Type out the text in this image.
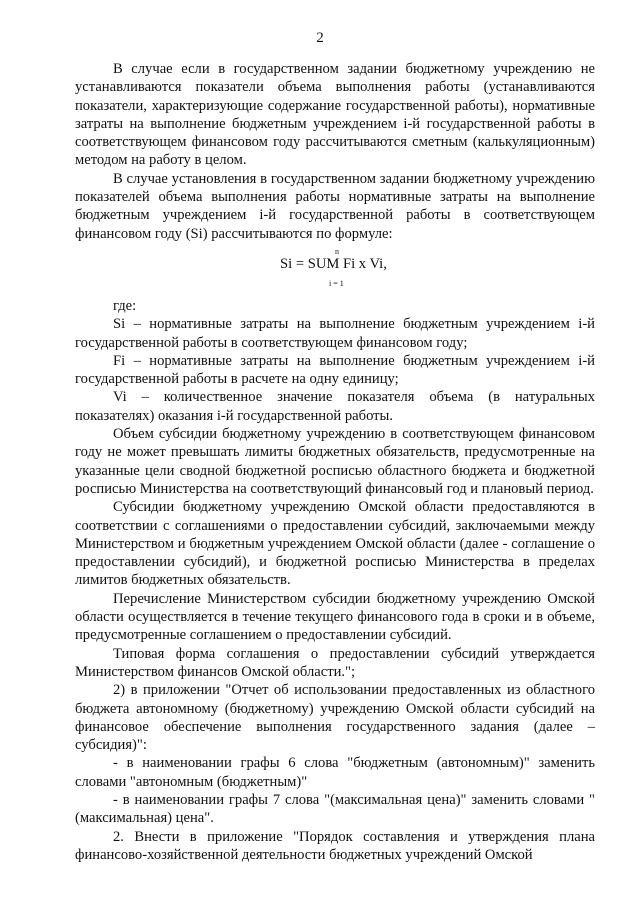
2

В случае если в государственном задании бюджетному учреждению не устанавливаются показатели объема выполнения работы (устанавливаются показатели, характеризующие содержание государственной работы), нормативные затраты на выполнение бюджетным учреждением i-й государственной работы в соответствующем финансовом году рассчитываются сметным (калькуляционным) методом на работу в целом.

В случае установления в государственном задании бюджетному учреждению показателей объема выполнения работы нормативные затраты на выполнение бюджетным учреждением i-й государственной работы в соответствующем финансовом году (Si) рассчитываются по формуле:

n
Si = SUM Fi x Vi,
i = 1

где:

Si – нормативные затраты на выполнение бюджетным учреждением i-й государственной работы в соответствующем финансовом году;

Fi – нормативные затраты на выполнение бюджетным учреждением i-й государственной работы в расчете на одну единицу;

Vi – количественное значение показателя объема (в натуральных показателях) оказания i-й государственной работы.

Объем субсидии бюджетному учреждению в соответствующем финансовом году не может превышать лимиты бюджетных обязательств, предусмотренные на указанные цели сводной бюджетной росписью областного бюджета и бюджетной росписью Министерства на соответствующий финансовый год и плановый период.

Субсидии бюджетному учреждению Омской области предоставляются в соответствии с соглашениями о предоставлении субсидий, заключаемыми между Министерством и бюджетным учреждением Омской области (далее - соглашение о предоставлении субсидий), и бюджетной росписью Министерства в пределах лимитов бюджетных обязательств.

Перечисление Министерством субсидии бюджетному учреждению Омской области осуществляется в течение текущего финансового года в сроки и в объеме, предусмотренные соглашением о предоставлении субсидий.

Типовая форма соглашения о предоставлении субсидий утверждается Министерством финансов Омской области.";

2) в приложении "Отчет об использовании предоставленных из областного бюджета автономному (бюджетному) учреждению Омской области субсидий на финансовое обеспечение выполнения государственного задания (далее – субсидия)":

- в наименовании графы 6 слова "бюджетным (автономным)" заменить словами "автономным (бюджетным)"

- в наименовании графы 7 слова "(максимальная цена)" заменить словами "(максимальная) цена".

2. Внести в приложение "Порядок составления и утверждения плана финансово-хозяйственной деятельности бюджетных учреждений Омской
